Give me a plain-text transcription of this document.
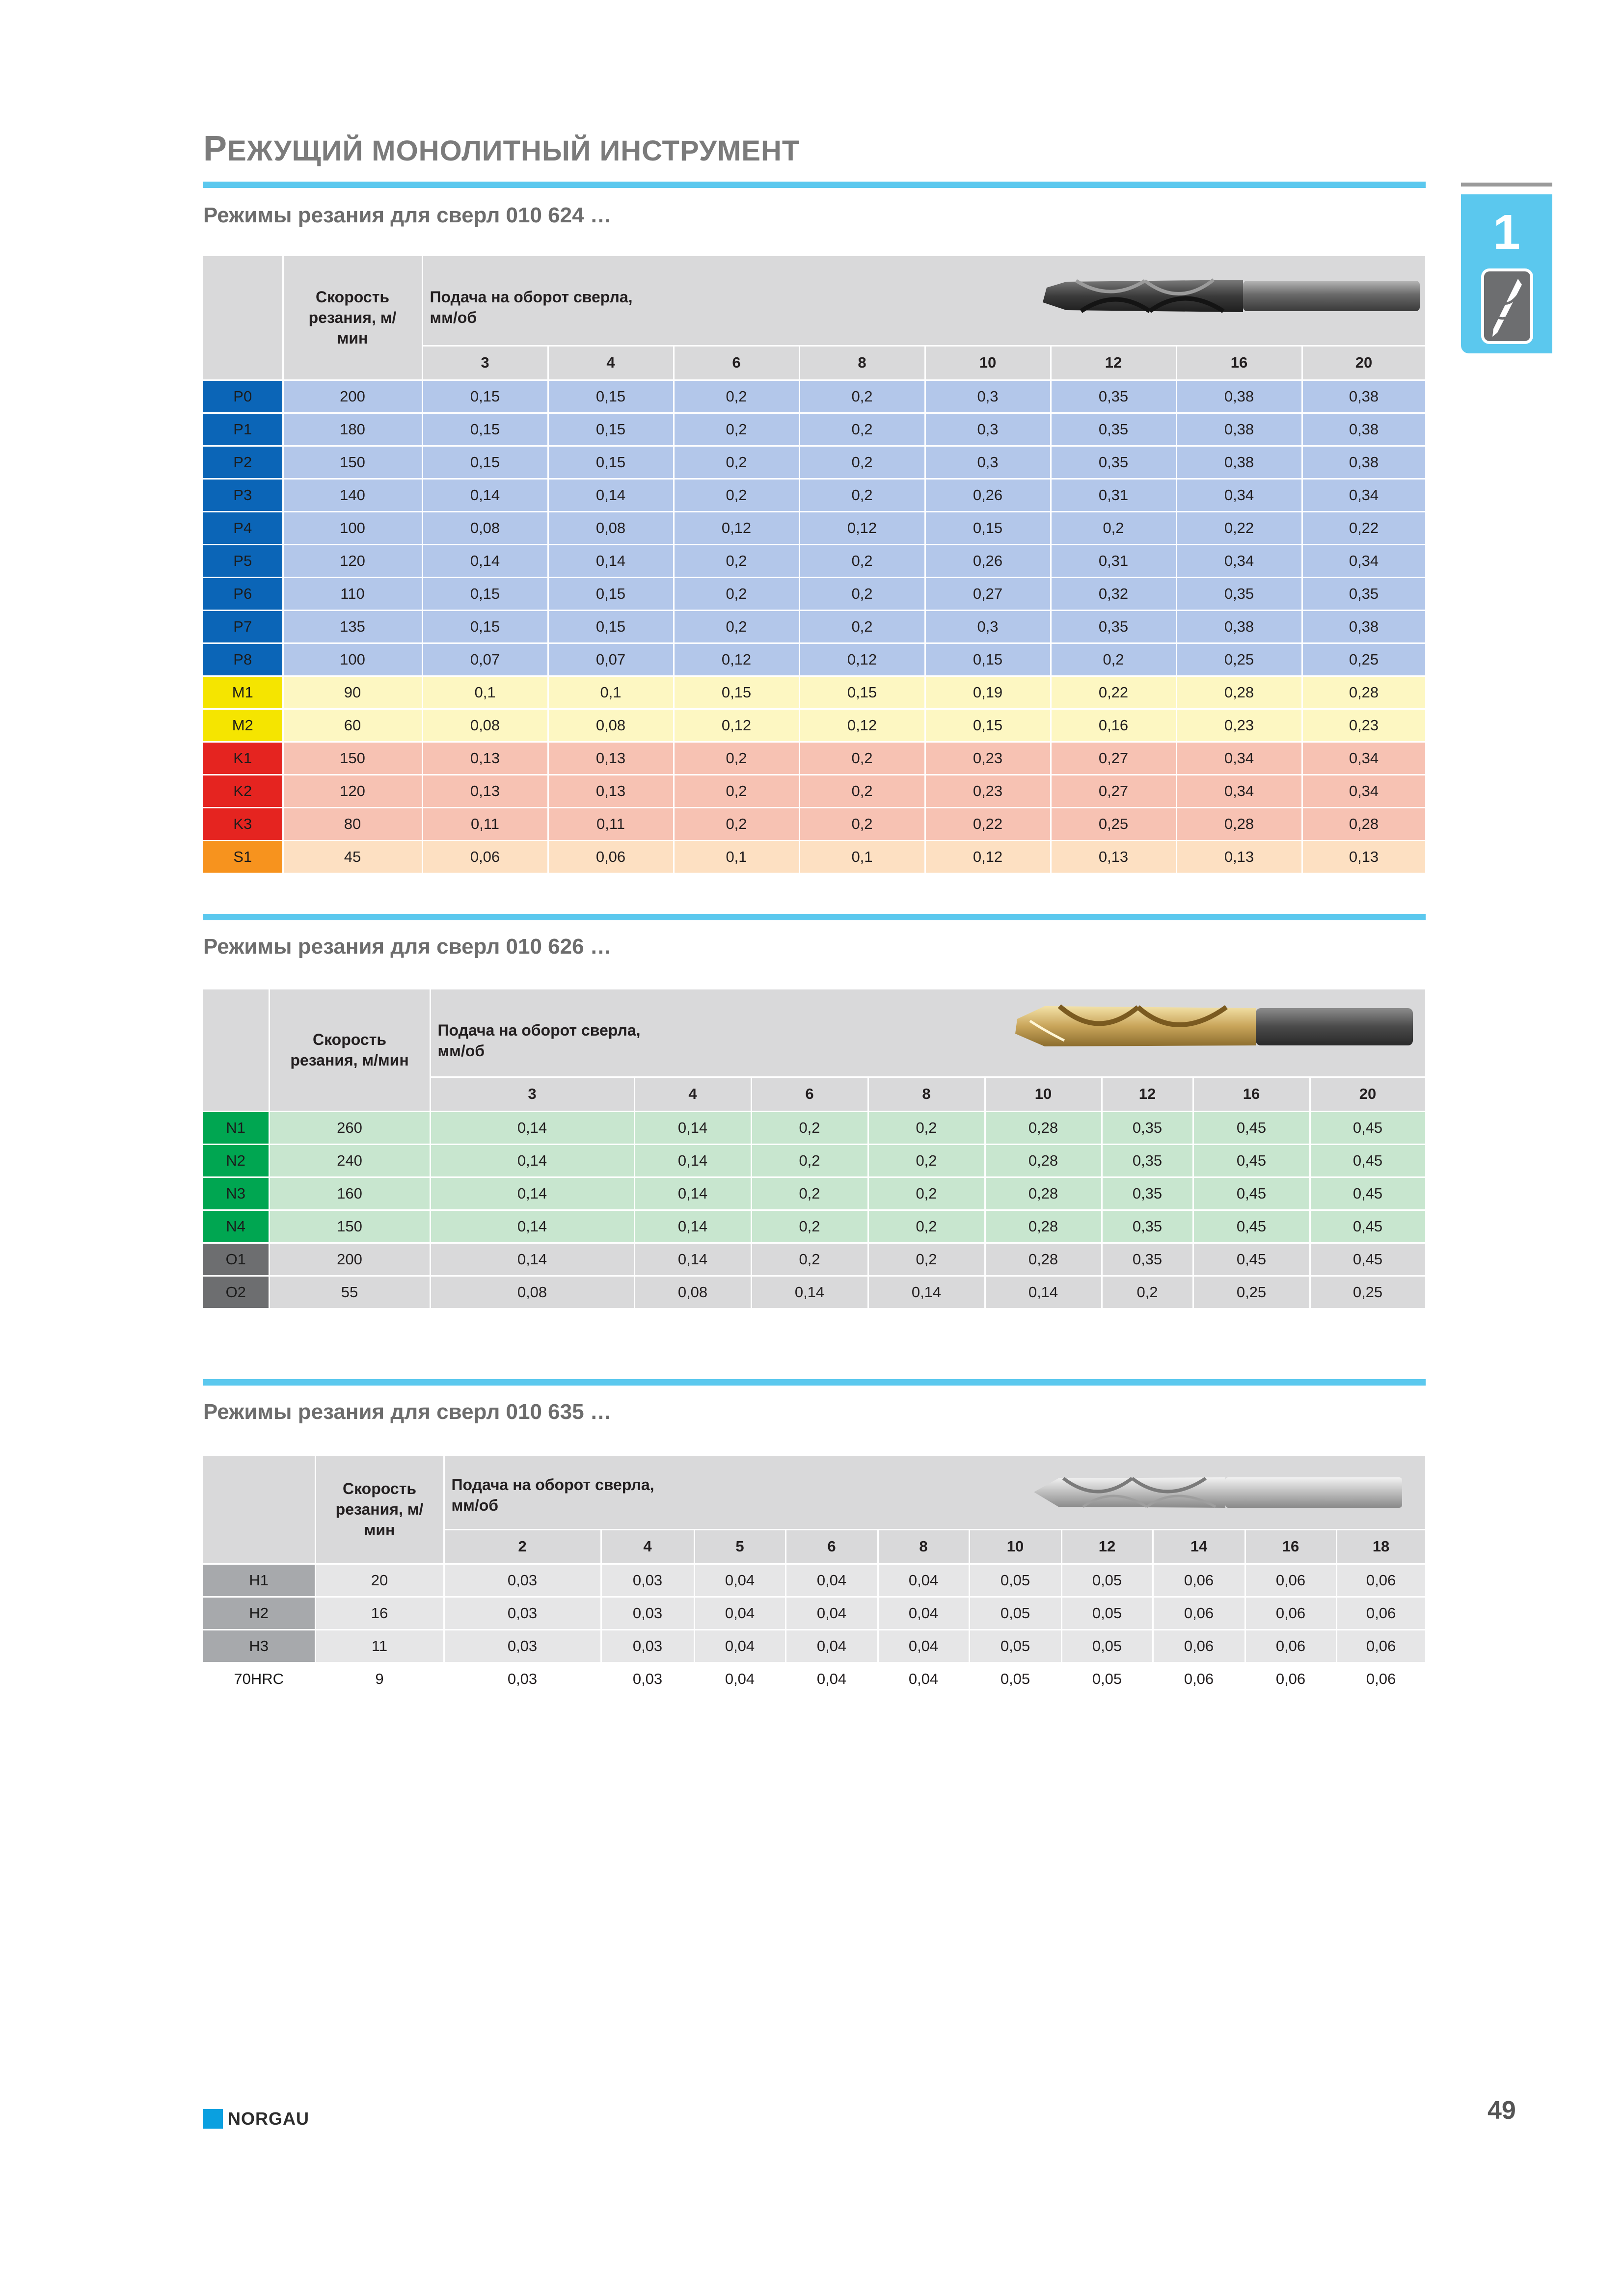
РЕЖУЩИЙ МОНОЛИТНЫЙ ИНСТРУМЕНТ
1
Режимы резания для сверл 010 624 …
	Скорость резания, м/мин	Подача на оборот сверла, мм/об							

		3	4	6	8	10	12	16	20
P0	200	0,15	0,15	0,2	0,2	0,3	0,35	0,38	0,38
P1	180	0,15	0,15	0,2	0,2	0,3	0,35	0,38	0,38
P2	150	0,15	0,15	0,2	0,2	0,3	0,35	0,38	0,38
P3	140	0,14	0,14	0,2	0,2	0,26	0,31	0,34	0,34
P4	100	0,08	0,08	0,12	0,12	0,15	0,2	0,22	0,22
P5	120	0,14	0,14	0,2	0,2	0,26	0,31	0,34	0,34
P6	110	0,15	0,15	0,2	0,2	0,27	0,32	0,35	0,35
P7	135	0,15	0,15	0,2	0,2	0,3	0,35	0,38	0,38
P8	100	0,07	0,07	0,12	0,12	0,15	0,2	0,25	0,25
M1	90	0,1	0,1	0,15	0,15	0,19	0,22	0,28	0,28
M2	60	0,08	0,08	0,12	0,12	0,15	0,16	0,23	0,23
K1	150	0,13	0,13	0,2	0,2	0,23	0,27	0,34	0,34
K2	120	0,13	0,13	0,2	0,2	0,23	0,27	0,34	0,34
K3	80	0,11	0,11	0,2	0,2	0,22	0,25	0,28	0,28
S1	45	0,06	0,06	0,1	0,1	0,12	0,13	0,13	0,13
Режимы резания для сверл 010 626 …
	Скорость резания, м/мин	Подача на оборот сверла, мм/об							

		3	4	6	8	10	12	16	20
N1	260	0,14	0,14	0,2	0,2	0,28	0,35	0,45	0,45
N2	240	0,14	0,14	0,2	0,2	0,28	0,35	0,45	0,45
N3	160	0,14	0,14	0,2	0,2	0,28	0,35	0,45	0,45
N4	150	0,14	0,14	0,2	0,2	0,28	0,35	0,45	0,45
O1	200	0,14	0,14	0,2	0,2	0,28	0,35	0,45	0,45
O2	55	0,08	0,08	0,14	0,14	0,14	0,2	0,25	0,25
Режимы резания для сверл 010 635 …
	Скорость резания, м/мин	Подача на оборот сверла, мм/об									

		2	4	5	6	8	10	12	14	16	18
H1	20	0,03	0,03	0,04	0,04	0,04	0,05	0,05	0,06	0,06	0,06
H2	16	0,03	0,03	0,04	0,04	0,04	0,05	0,05	0,06	0,06	0,06
H3	11	0,03	0,03	0,04	0,04	0,04	0,05	0,05	0,06	0,06	0,06
70HRC	9	0,03	0,03	0,04	0,04	0,04	0,05	0,05	0,06	0,06	0,06
NORGAU	49
